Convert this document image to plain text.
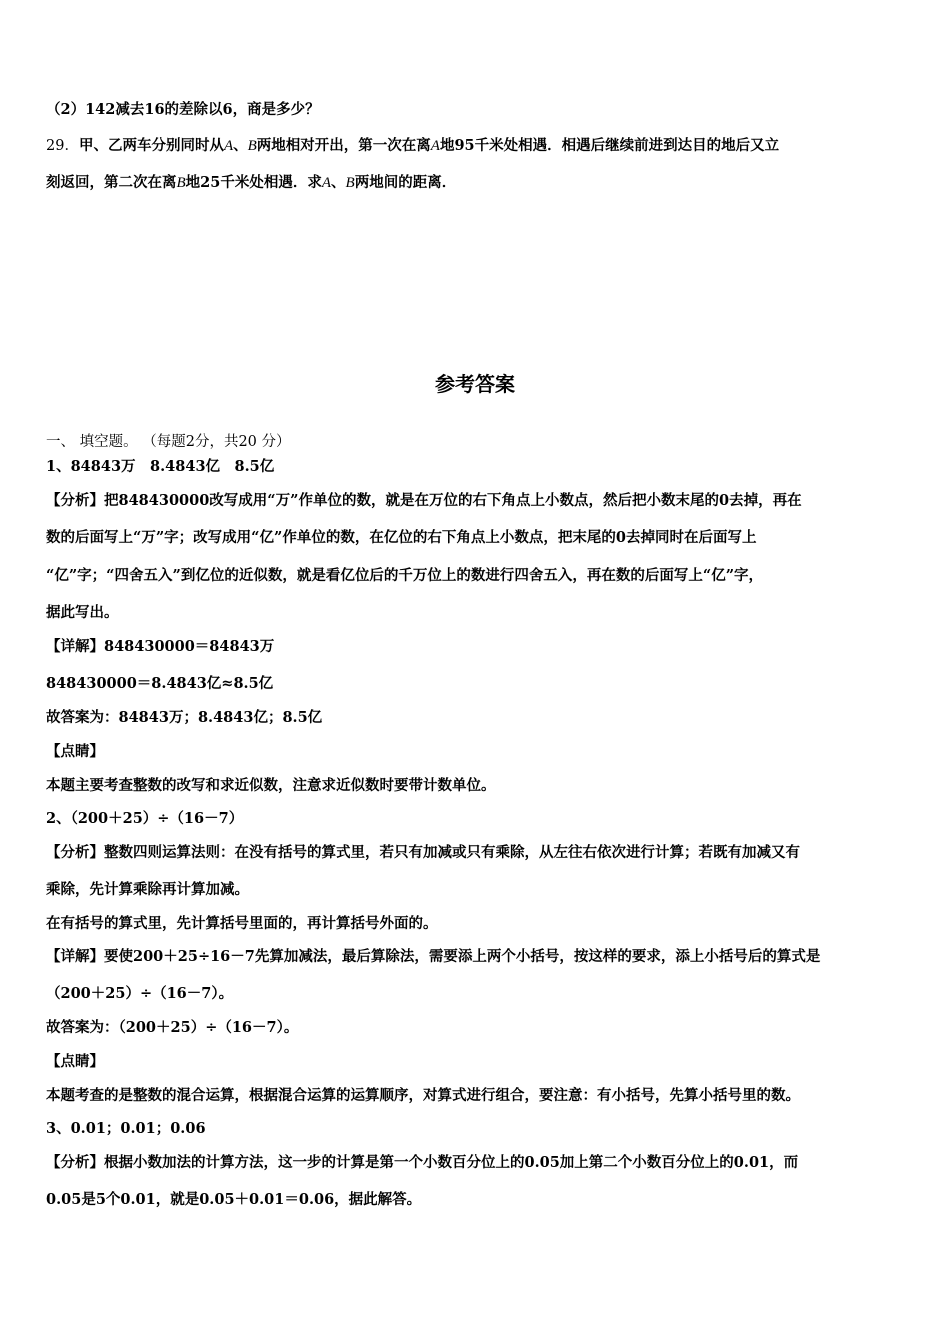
（2）142减去16的差除以6，商是多少？
29．甲、乙两车分别同时从A、B两地相对开出，第一次在离A地95千米处相遇．相遇后继续前进到达目的地后又立
刻返回，第二次在离B地25千米处相遇．求A、B两地间的距离．
参考答案
一、 填空题。 （每题2分，共20 分）
1、84843万　8.4843亿　8.5亿
【分析】把848430000改写成用“万”作单位的数，就是在万位的右下角点上小数点，然后把小数末尾的0去掉，再在
数的后面写上“万”字；改写成用“亿”作单位的数，在亿位的右下角点上小数点，把末尾的0去掉同时在后面写上
“亿”字；“四舍五入”到亿位的近似数，就是看亿位后的千万位上的数进行四舍五入，再在数的后面写上“亿”字，
据此写出。
【详解】848430000＝84843万
848430000＝8.4843亿≈8.5亿
故答案为：84843万；8.4843亿；8.5亿
【点睛】
本题主要考查整数的改写和求近似数，注意求近似数时要带计数单位。
2、（200＋25）÷（16－7）
【分析】整数四则运算法则：在没有括号的算式里，若只有加减或只有乘除，从左往右依次进行计算；若既有加减又有
乘除，先计算乘除再计算加减。
在有括号的算式里，先计算括号里面的，再计算括号外面的。
【详解】要使200＋25÷16－7先算加减法，最后算除法，需要添上两个小括号，按这样的要求，添上小括号后的算式是
（200＋25）÷（16－7）。
故答案为：（200＋25）÷（16－7）。
【点睛】
本题考查的是整数的混合运算，根据混合运算的运算顺序，对算式进行组合，要注意：有小括号，先算小括号里的数。
3、0.01；0.01；0.06
【分析】根据小数加法的计算方法，这一步的计算是第一个小数百分位上的0.05加上第二个小数百分位上的0.01，而
0.05是5个0.01，就是0.05＋0.01＝0.06，据此解答。
